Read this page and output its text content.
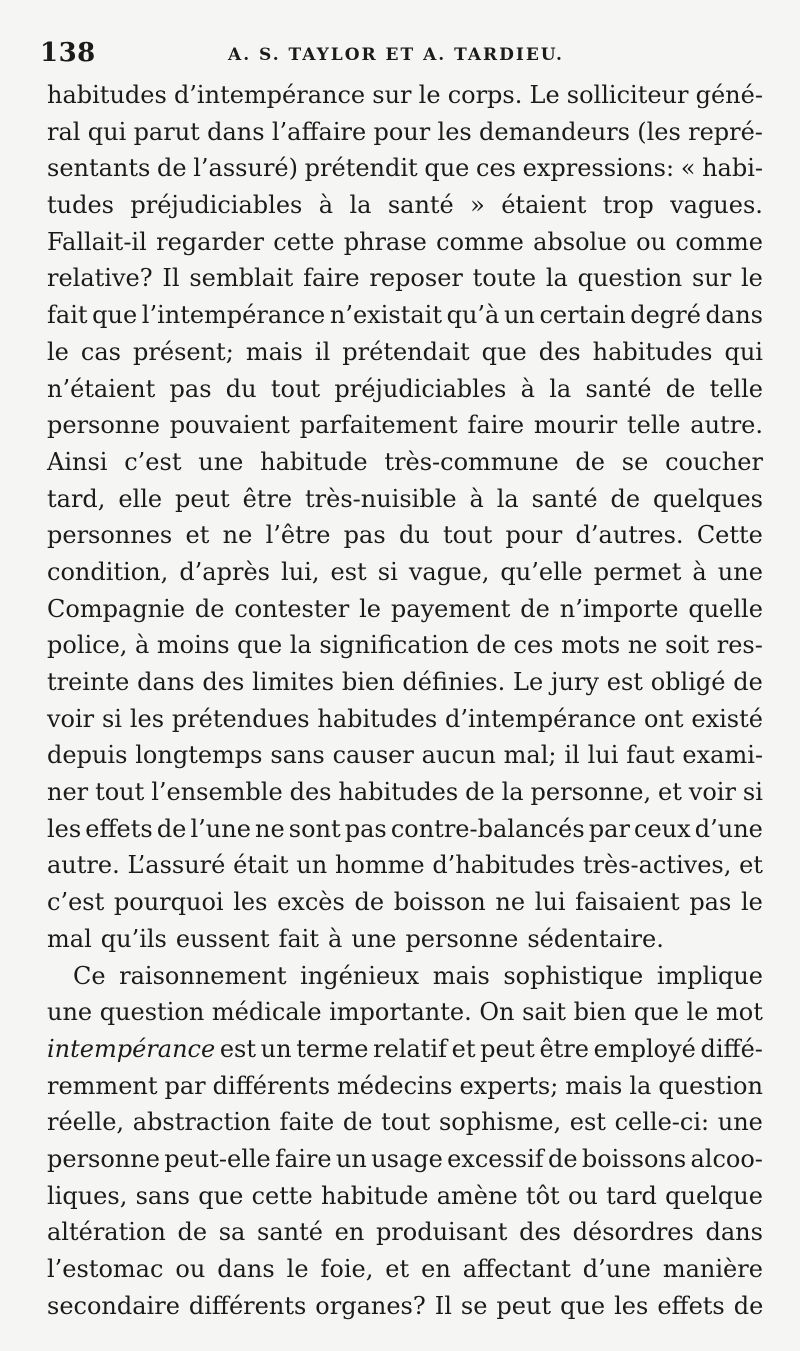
138	A. S. TAYLOR ET A. TARDIEU.
habitudes d’intempérance sur le corps. Le solliciteur géné-
ral qui parut dans l’affaire pour les demandeurs (les repré-
sentants de l’assuré) prétendit que ces expressions: « habi-
tudes préjudiciables à la santé » étaient trop vagues.
Fallait-il regarder cette phrase comme absolue ou comme
relative? Il semblait faire reposer toute la question sur le
fait que l’intempérance n’existait qu’à un certain degré dans
le cas présent; mais il prétendait que des habitudes qui
n’étaient pas du tout préjudiciables à la santé de telle
personne pouvaient parfaitement faire mourir telle autre.
Ainsi c’est une habitude très-commune de se coucher
tard, elle peut être très-nuisible à la santé de quelques
personnes et ne l’être pas du tout pour d’autres. Cette
condition, d’après lui, est si vague, qu’elle permet à une
Compagnie de contester le payement de n’importe quelle
police, à moins que la signification de ces mots ne soit res-
treinte dans des limites bien définies. Le jury est obligé de
voir si les prétendues habitudes d’intempérance ont existé
depuis longtemps sans causer aucun mal; il lui faut exami-
ner tout l’ensemble des habitudes de la personne, et voir si
les effets de l’une ne sont pas contre-balancés par ceux d’une
autre. L’assuré était un homme d’habitudes très-actives, et
c’est pourquoi les excès de boisson ne lui faisaient pas le
mal qu’ils eussent fait à une personne sédentaire.
Ce raisonnement ingénieux mais sophistique implique
une question médicale importante. On sait bien que le mot
intempérance est un terme relatif et peut être employé diffé-
remment par différents médecins experts; mais la question
réelle, abstraction faite de tout sophisme, est celle-ci: une
personne peut-elle faire un usage excessif de boissons alcoo-
liques, sans que cette habitude amène tôt ou tard quelque
altération de sa santé en produisant des désordres dans
l’estomac ou dans le foie, et en affectant d’une manière
secondaire différents organes? Il se peut que les effets de
